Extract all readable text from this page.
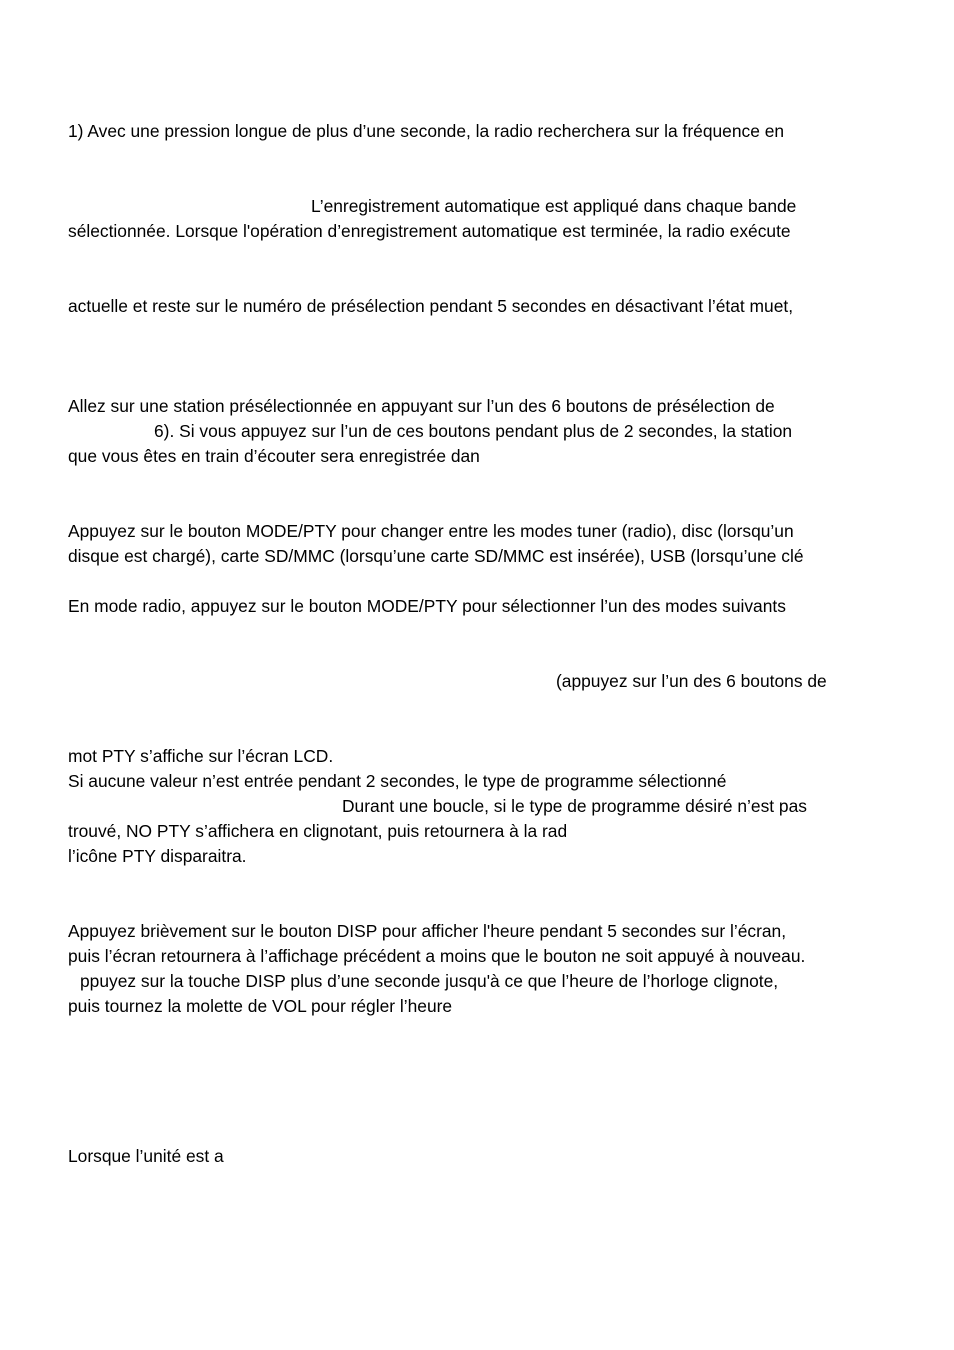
1) Avec une pression longue de plus d’une seconde, la radio recherchera sur la fréquence en
L’enregistrement automatique est appliqué dans chaque bande
sélectionnée. Lorsque l'opération d’enregistrement automatique est terminée, la radio exécute
actuelle et reste sur le numéro de présélection pendant 5 secondes en désactivant l’état muet,
Allez sur une station présélectionnée en appuyant sur l’un des 6 boutons de présélection de
6). Si vous appuyez sur l’un de ces boutons pendant plus de 2 secondes, la station
que vous êtes en train d’écouter sera enregistrée dan
Appuyez sur le bouton MODE/PTY pour changer entre les modes tuner (radio), disc (lorsqu’un
disque est chargé), carte SD/MMC (lorsqu’une carte SD/MMC est insérée), USB (lorsqu’une clé
En mode radio, appuyez sur le bouton MODE/PTY pour sélectionner l’un des modes suivants
(appuyez sur l’un des 6 boutons de
mot PTY s’affiche sur l’écran LCD.
Si aucune valeur n’est entrée pendant 2 secondes, le type de programme sélectionné
Durant une boucle, si le type de programme désiré n’est pas
trouvé, NO PTY s’affichera en clignotant, puis retournera à la rad
l’icône PTY disparaitra.
Appuyez brièvement sur le bouton DISP pour afficher l'heure pendant 5 secondes sur l’écran,
puis l’écran retournera à l’affichage précédent a moins que le bouton ne soit appuyé à nouveau.
ppuyez sur la touche DISP plus d’une seconde jusqu'à ce que l’heure de l’horloge clignote,
puis tournez la molette de VOL pour régler l’heure
Lorsque l’unité est a
